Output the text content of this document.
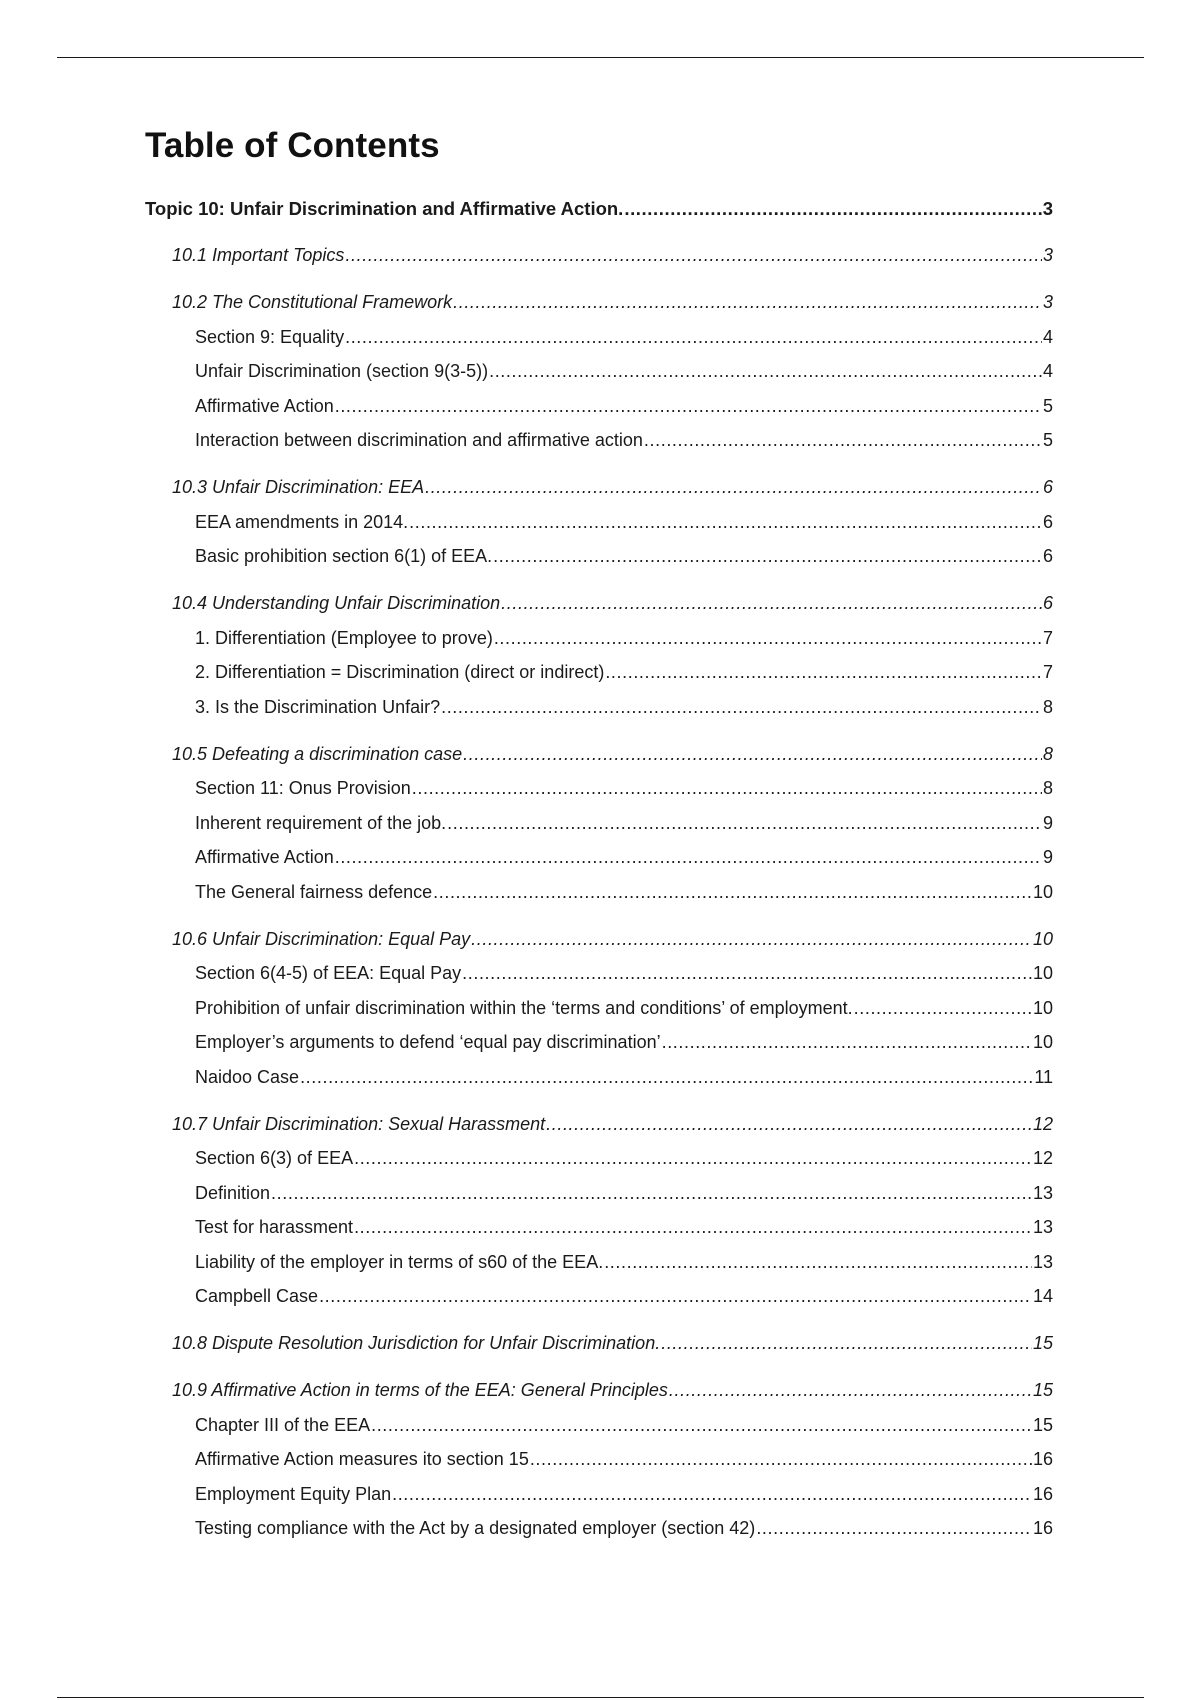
Table of Contents
Topic 10: Unfair Discrimination and Affirmative Action. .....	3
10.1 Important Topics .....	3
10.2 The Constitutional Framework .....	3
Section 9: Equality .....	4
Unfair Discrimination (section 9(3-5)) .....	4
Affirmative Action .....	5
Interaction between discrimination and affirmative action .....	5
10.3 Unfair Discrimination: EEA .....	6
EEA amendments in 2014. .....	6
Basic prohibition section 6(1) of EEA. .....	6
10.4 Understanding Unfair Discrimination .....	6
1. Differentiation (Employee to prove) .....	7
2. Differentiation = Discrimination (direct or indirect) .....	7
3. Is the Discrimination Unfair? .....	8
10.5 Defeating a discrimination case .....	8
Section 11: Onus Provision .....	8
Inherent requirement of the job. .....	9
Affirmative Action .....	9
The General fairness defence .....	10
10.6 Unfair Discrimination: Equal Pay .....	10
Section 6(4-5) of EEA: Equal Pay .....	10
Prohibition of unfair discrimination within the ‘terms and conditions’ of employment. .....	10
Employer’s arguments to defend ‘equal pay discrimination’ .....	10
Naidoo Case .....	11
10.7 Unfair Discrimination: Sexual Harassment .....	12
Section 6(3) of EEA .....	12
Definition .....	13
Test for harassment .....	13
Liability of the employer in terms of s60 of the EEA. .....	13
Campbell Case .....	14
10.8 Dispute Resolution Jurisdiction for Unfair Discrimination. .....	15
10.9 Affirmative Action in terms of the EEA: General Principles .....	15
Chapter III of the EEA .....	15
Affirmative Action measures ito section 15 .....	16
Employment Equity Plan .....	16
Testing compliance with the Act by a designated employer (section 42) .....	16
